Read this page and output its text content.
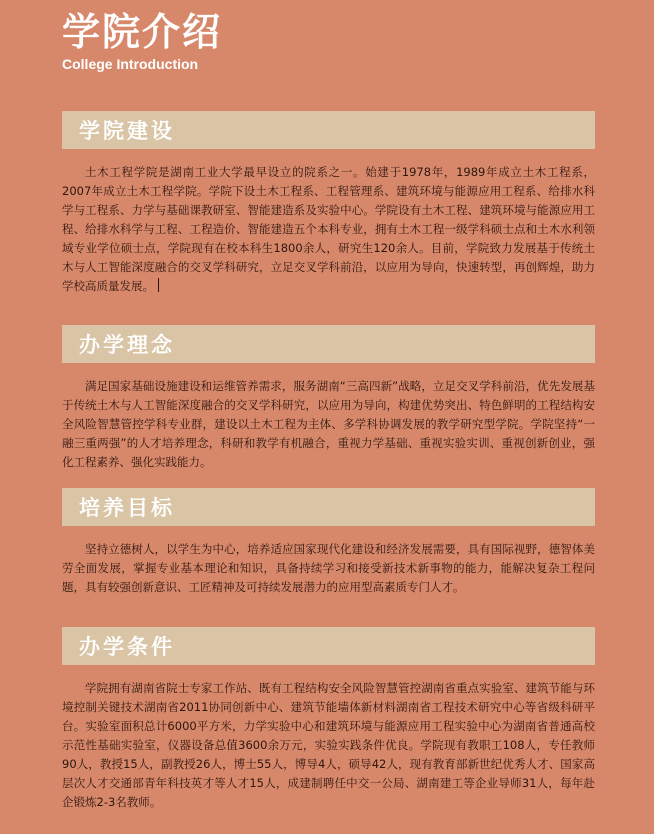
学院介绍
College Introduction
学院建设

土木工程学院是湖南工业大学最早设立的院系之一。始建于1978年，1989年成立土木工程系，2007年成立土木工程学院。学院下设土木工程系、工程管理系、建筑环境与能源应用工程系、给排水科学与工程系、力学与基础课教研室、智能建造系及实验中心。学院设有土木工程、建筑环境与能源应用工程、给排水科学与工程、工程造价、智能建造五个本科专业，拥有土木工程一级学科硕士点和土木水利领域专业学位硕士点，学院现有在校本科生1800余人，研究生120余人。目前，学院致力发展基于传统土木与人工智能深度融合的交叉学科研究，立足交叉学科前沿，以应用为导向，快速转型，再创辉煌，助力学校高质量发展。

办学理念

满足国家基础设施建设和运维管养需求，服务湖南“三高四新”战略，立足交叉学科前沿，优先发展基于传统土木与人工智能深度融合的交叉学科研究，以应用为导向，构建优势突出、特色鲜明的工程结构安全风险智慧管控学科专业群，建设以土木工程为主体、多学科协调发展的教学研究型学院。学院坚持“一融三重两强”的人才培养理念，科研和教学有机融合，重视力学基础、重视实验实训、重视创新创业，强化工程素养、强化实践能力。

培养目标

坚持立德树人，以学生为中心，培养适应国家现代化建设和经济发展需要，具有国际视野，德智体美劳全面发展，掌握专业基本理论和知识，具备持续学习和接受新技术新事物的能力，能解决复杂工程问题，具有较强创新意识、工匠精神及可持续发展潜力的应用型高素质专门人才。

办学条件

学院拥有湖南省院士专家工作站、既有工程结构安全风险智慧管控湖南省重点实验室、建筑节能与环境控制关键技术湖南省2011协同创新中心、建筑节能墙体新材料湖南省工程技术研究中心等省级科研平台。实验室面积总计6000平方米，力学实验中心和建筑环境与能源应用工程实验中心为湖南省普通高校示范性基础实验室，仪器设备总值3600余万元，实验实践条件优良。学院现有教职工108人，专任教师90人，教授15人，副教授26人，博士55人，博导4人，硕导42人，现有教育部新世纪优秀人才、国家高层次人才交通部青年科技英才等人才15人，成建制聘任中交一公局、湖南建工等企业导师31人，每年赴企锻炼2-3名教师。
